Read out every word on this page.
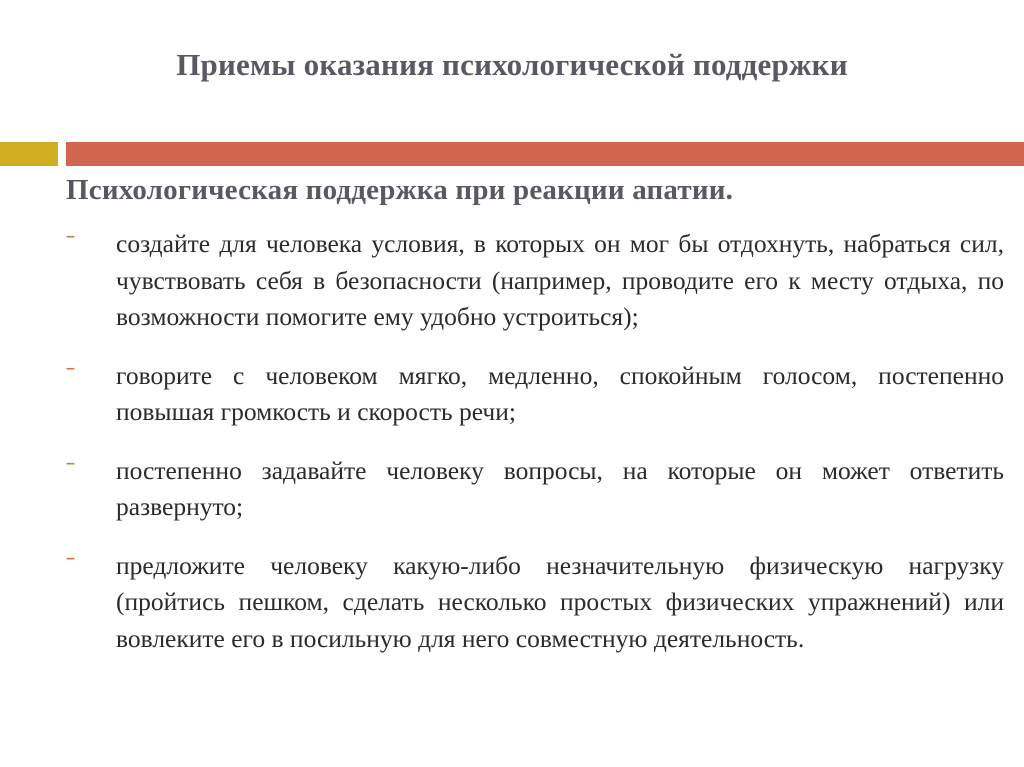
Приемы оказания психологической поддержки
Психологическая поддержка при реакции апатии.
– создайте для человека условия, в которых он мог бы отдохнуть, набраться сил, чувствовать себя в безопасности (например, проводите его к месту отдыха, по возможности помогите ему удобно устроиться);
– говорите с человеком мягко, медленно, спокойным голосом, постепенно повышая громкость и скорость речи;
– постепенно задавайте человеку вопросы, на которые он может ответить развернуто;
– предложите человеку какую-либо незначительную физическую нагрузку (пройтись пешком, сделать несколько простых физических упражнений) или вовлеките его в посильную для него совместную деятельность.
